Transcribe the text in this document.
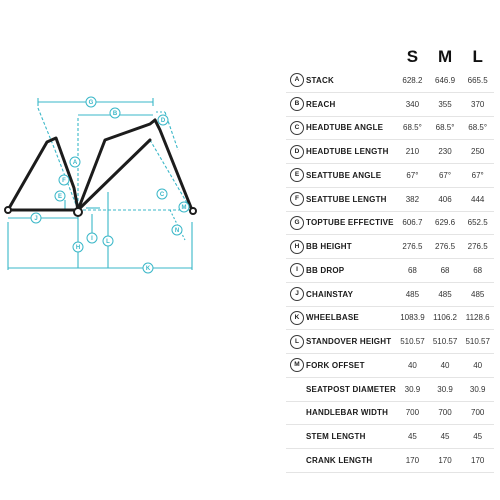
A
B
C
D
E
F
G
H
I
J
K
L
M
N
		S	M	L
A	STACK	628.2	646.9	665.5
B	REACH	340	355	370
C	HEADTUBE ANGLE	68.5°	68.5°	68.5°
D	HEADTUBE LENGTH	210	230	250
E	SEATTUBE ANGLE	67°	67°	67°
F	SEATTUBE LENGTH	382	406	444
G	TOPTUBE EFFECTIVE	606.7	629.6	652.5
H	BB HEIGHT	276.5	276.5	276.5
I	BB DROP	68	68	68
J	CHAINSTAY	485	485	485
K	WHEELBASE	1083.9	1106.2	1128.6
L	STANDOVER HEIGHT	510.57	510.57	510.57
M	FORK OFFSET	40	40	40
	SEATPOST DIAMETER	30.9	30.9	30.9
	HANDLEBAR WIDTH	700	700	700
	STEM LENGTH	45	45	45
	CRANK LENGTH	170	170	170
